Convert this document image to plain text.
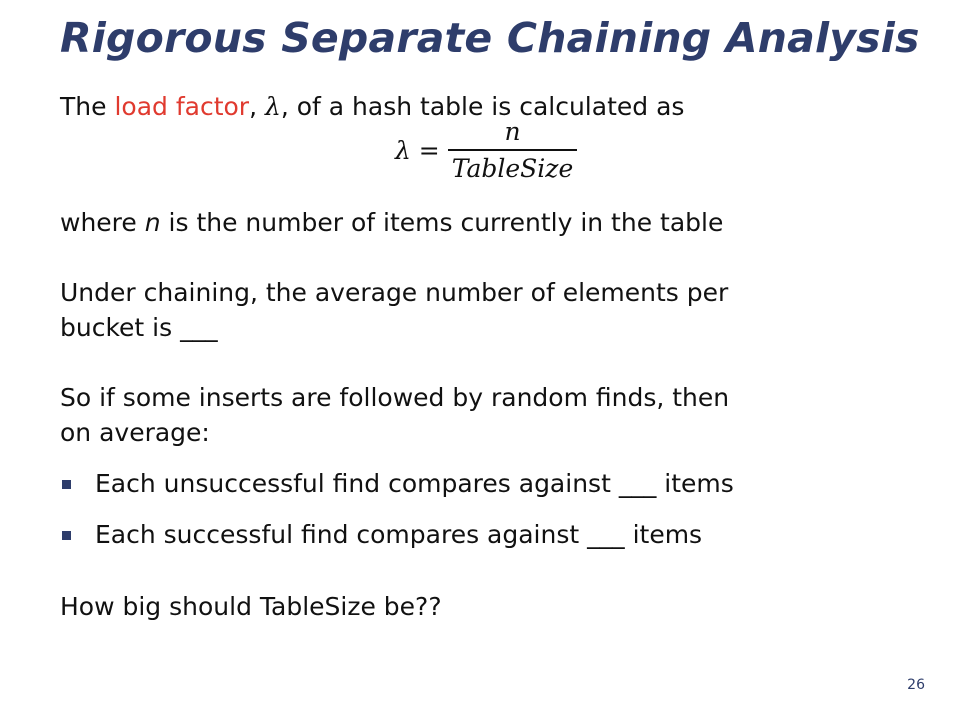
Rigorous Separate Chaining Analysis

The load factor, λ, of a hash table is calculated as

$\lambda = \frac{n}{\text{TableSize}}$

where n is the number of items currently in the table

Under chaining, the average number of elements per

bucket is ___

So if some inserts are followed by random finds, then

on average:

Each unsuccessful find compares against ___ items
Each successful find compares against ___ items

How big should TableSize be??

26
